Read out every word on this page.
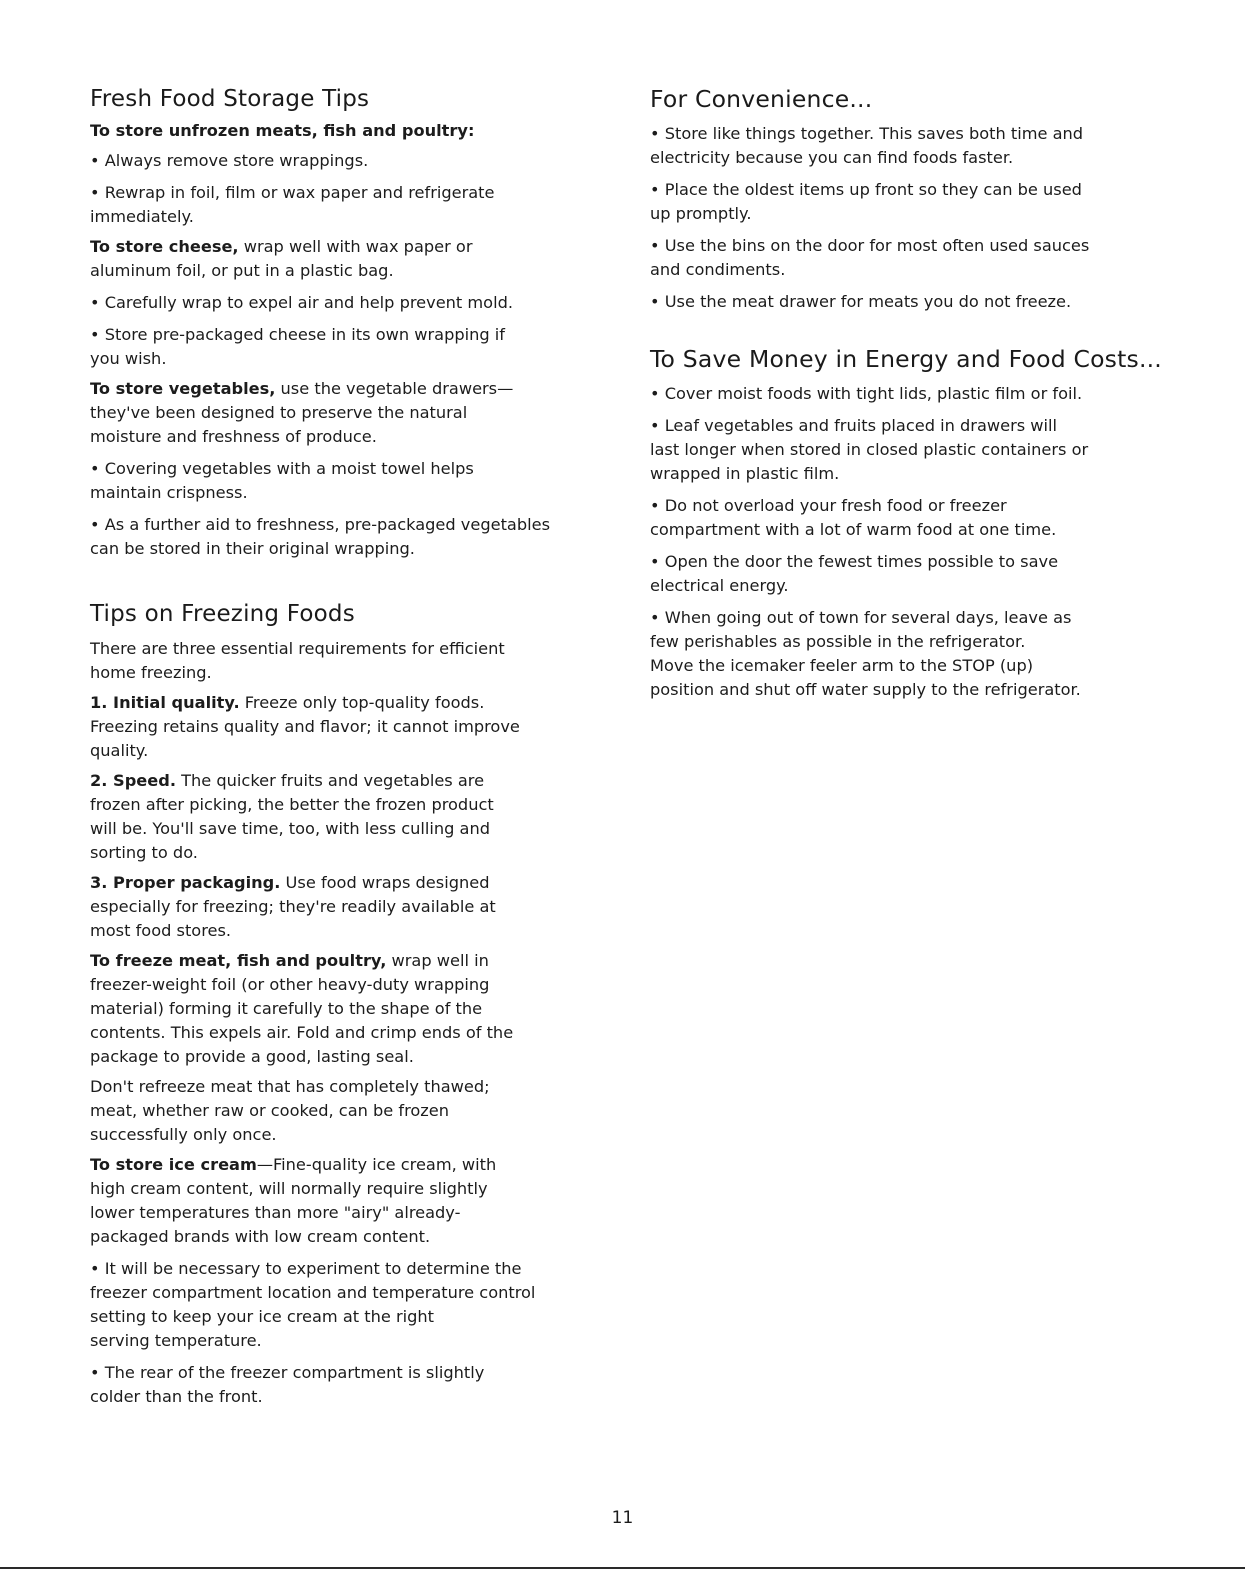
Fresh Food Storage Tips

To store unfrozen meats, fish and poultry:

• Always remove store wrappings.

• Rewrap in foil, film or wax paper and refrigerate
immediately.

To store cheese, wrap well with wax paper or
aluminum foil, or put in a plastic bag.

• Carefully wrap to expel air and help prevent mold.

• Store pre-packaged cheese in its own wrapping if
you wish.

To store vegetables, use the vegetable drawers—
they've been designed to preserve the natural
moisture and freshness of produce.

• Covering vegetables with a moist towel helps
maintain crispness.

• As a further aid to freshness, pre-packaged vegetables
can be stored in their original wrapping.

Tips on Freezing Foods

There are three essential requirements for efficient
home freezing.

1. Initial quality. Freeze only top-quality foods.
Freezing retains quality and flavor; it cannot improve
quality.

2. Speed. The quicker fruits and vegetables are
frozen after picking, the better the frozen product
will be. You'll save time, too, with less culling and
sorting to do.

3. Proper packaging. Use food wraps designed
especially for freezing; they're readily available at
most food stores.

To freeze meat, fish and poultry, wrap well in
freezer-weight foil (or other heavy-duty wrapping
material) forming it carefully to the shape of the
contents. This expels air. Fold and crimp ends of the
package to provide a good, lasting seal.

Don't refreeze meat that has completely thawed;
meat, whether raw or cooked, can be frozen
successfully only once.

To store ice cream—Fine-quality ice cream, with
high cream content, will normally require slightly
lower temperatures than more "airy" already-
packaged brands with low cream content.

• It will be necessary to experiment to determine the
freezer compartment location and temperature control
setting to keep your ice cream at the right
serving temperature.

• The rear of the freezer compartment is slightly
colder than the front.

For Convenience...

• Store like things together. This saves both time and
electricity because you can find foods faster.

• Place the oldest items up front so they can be used
up promptly.

• Use the bins on the door for most often used sauces
and condiments.

• Use the meat drawer for meats you do not freeze.

To Save Money in Energy and Food Costs...

• Cover moist foods with tight lids, plastic film or foil.

• Leaf vegetables and fruits placed in drawers will
last longer when stored in closed plastic containers or
wrapped in plastic film.

• Do not overload your fresh food or freezer
compartment with a lot of warm food at one time.

• Open the door the fewest times possible to save
electrical energy.

• When going out of town for several days, leave as
few perishables as possible in the refrigerator.
Move the icemaker feeler arm to the STOP (up)
position and shut off water supply to the refrigerator.

11
